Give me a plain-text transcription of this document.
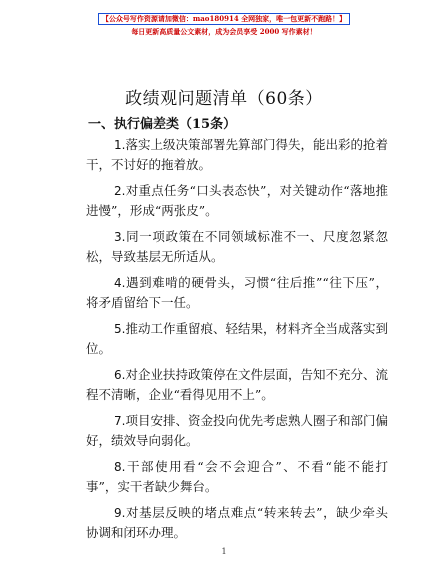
【公众号写作资源请加微信：mao180914 全网独家，唯一包更新不跑路！】
每日更新高质量公文素材，成为会员享受 2000 写作素材！
政绩观问题清单（60条）
一、执行偏差类（15条）

1.落实上级决策部署先算部门得失，能出彩的抢着干，不讨好的拖着放。

2.对重点任务“口头表态快”，对关键动作“落地推进慢”，形成“两张皮”。

3.同一项政策在不同领域标准不一、尺度忽紧忽松，导致基层无所适从。

4.遇到难啃的硬骨头，习惯“往后推”“往下压”，将矛盾留给下一任。

5.推动工作重留痕、轻结果，材料齐全当成落实到位。

6.对企业扶持政策停在文件层面，告知不充分、流程不清晰，企业“看得见用不上”。

7.项目安排、资金投向优先考虑熟人圈子和部门偏好，绩效导向弱化。

8.干部使用看“会不会迎合”、不看“能不能打事”，实干者缺少舞台。

9.对基层反映的堵点难点“转来转去”，缺少牵头协调和闭环办理。

1
